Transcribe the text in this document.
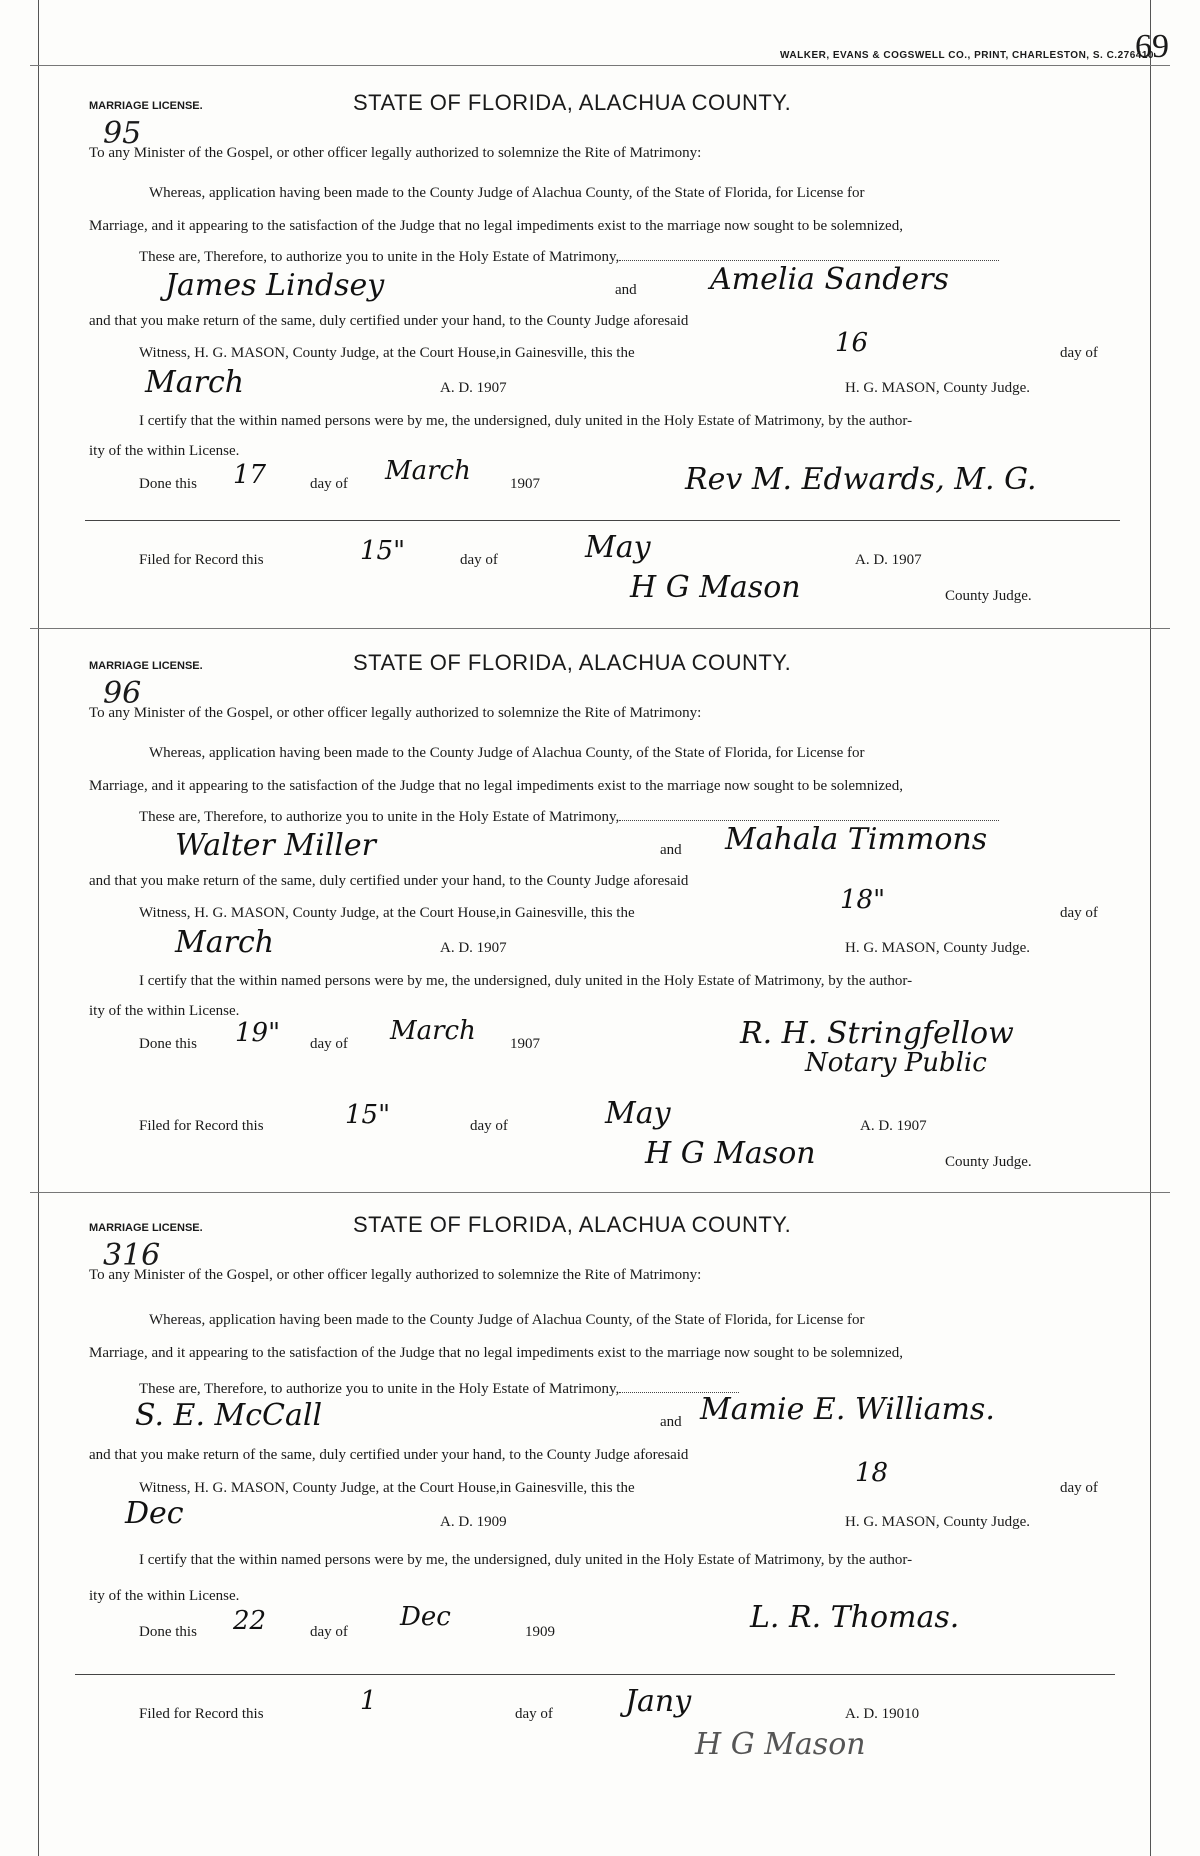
WALKER, EVANS & COGSWELL CO., PRINT, CHARLESTON, S. C.276410
69
MARRIAGE LICENSE.
95
STATE OF FLORIDA, ALACHUA COUNTY.
To any Minister of the Gospel, or other officer legally authorized to solemnize the Rite of Matrimony:
Whereas, application having been made to the County Judge of Alachua County, of the State of Florida, for License for
Marriage, and it appearing to the satisfaction of the Judge that no legal impediments exist to the marriage now sought to be solemnized,
These are, Therefore, to authorize you to unite in the Holy Estate of Matrimony,
James Lindsey	and Amelia Sanders
and that you make return of the same, duly certified under your hand, to the County Judge aforesaid
Witness, H. G. MASON, County Judge, at the Court House,in Gainesville, this the	16	day of
March	A. D. 1907	H. G. MASON, County Judge.
I certify that the within named persons were by me, the undersigned, duly united in the Holy Estate of Matrimony, by the author-
ity of the within License.
Done this 17	day of March	1907	Rev M. Edwards, M. G.
Filed for Record this	15"	day of	May	A. D. 1907
H G Mason	County Judge.
MARRIAGE LICENSE.
96
STATE OF FLORIDA, ALACHUA COUNTY.
To any Minister of the Gospel, or other officer legally authorized to solemnize the Rite of Matrimony:
Whereas, application having been made to the County Judge of Alachua County, of the State of Florida, for License for
Marriage, and it appearing to the satisfaction of the Judge that no legal impediments exist to the marriage now sought to be solemnized,
These are, Therefore, to authorize you to unite in the Holy Estate of Matrimony,
Walter Miller	and Mahala Timmons
and that you make return of the same, duly certified under your hand, to the County Judge aforesaid
Witness, H. G. MASON, County Judge, at the Court House,in Gainesville, this the	18"	day of
March	A. D. 1907	H. G. MASON, County Judge.
I certify that the within named persons were by me, the undersigned, duly united in the Holy Estate of Matrimony, by the author-
ity of the within License.
Done this 19" day of March 1907	R. H. Stringfellow
Notary Public
Filed for Record this	15"	day of	May	A. D. 1907
H G Mason	County Judge.
MARRIAGE LICENSE.
316
STATE OF FLORIDA, ALACHUA COUNTY.
To any Minister of the Gospel, or other officer legally authorized to solemnize the Rite of Matrimony:
Whereas, application having been made to the County Judge of Alachua County, of the State of Florida, for License for
Marriage, and it appearing to the satisfaction of the Judge that no legal impediments exist to the marriage now sought to be solemnized,
These are, Therefore, to authorize you to unite in the Holy Estate of Matrimony,
S. E. McCall	and Mamie E. Williams.
and that you make return of the same, duly certified under your hand, to the County Judge aforesaid
Witness, H. G. MASON, County Judge, at the Court House,in Gainesville, this the	18	day of
Dec	A. D. 1909	H. G. MASON, County Judge.
I certify that the within named persons were by me, the undersigned, duly united in the Holy Estate of Matrimony, by the author-
ity of the within License.
Done this 22	day of Dec	1909	L. R. Thomas.
Filed for Record this	1	day of Jany	A. D. 19010
H G Mason
